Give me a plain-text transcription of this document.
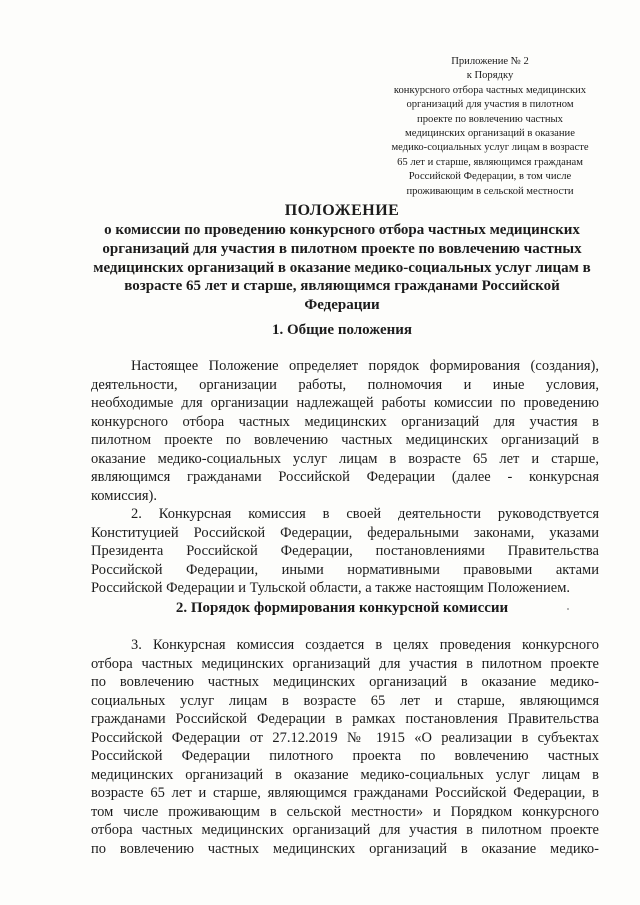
Приложение № 2
к Порядку
конкурсного отбора частных медицинских
организаций для участия в пилотном
проекте по вовлечению частных
медицинских организаций в оказание
медико-социальных услуг лицам в возрасте
65 лет и старше, являющимся гражданам
Российской Федерации, в том числе
проживающим в сельской местности
ПОЛОЖЕНИЕ
о комиссии по проведению конкурсного отбора частных медицинских
организаций для участия в пилотном проекте по вовлечению частных
медицинских организаций в оказание медико-социальных услуг лицам в
возрасте 65 лет и старше, являющимся гражданами Российской
Федерации
1. Общие положения
Настоящее Положение определяет порядок формирования (создания),
деятельности, организации работы, полномочия и иные условия,
необходимые для организации надлежащей работы комиссии по проведению
конкурсного отбора частных медицинских организаций для участия в
пилотном проекте по вовлечению частных медицинских организаций в
оказание медико-социальных услуг лицам в возрасте 65 лет и старше,
являющимся гражданами Российской Федерации (далее - конкурсная
комиссия).
2. Конкурсная комиссия в своей деятельности руководствуется
Конституцией Российской Федерации, федеральными законами, указами
Президента Российской Федерации, постановлениями Правительства
Российской Федерации, иными нормативными правовыми актами
Российской Федерации и Тульской области, а также настоящим Положением.
2. Порядок формирования конкурсной комиссии
3. Конкурсная комиссия создается в целях проведения конкурсного
отбора частных медицинских организаций для участия в пилотном проекте
по вовлечению частных медицинских организаций в оказание медико-
социальных услуг лицам в возрасте 65 лет и старше, являющимся
гражданами Российской Федерации в рамках постановления Правительства
Российской Федерации от 27.12.2019 № 1915 «О реализации в субъектах
Российской Федерации пилотного проекта по вовлечению частных
медицинских организаций в оказание медико-социальных услуг лицам в
возрасте 65 лет и старше, являющимся гражданами Российской Федерации, в
том числе проживающим в сельской местности» и Порядком конкурсного
отбора частных медицинских организаций для участия в пилотном проекте
по вовлечению частных медицинских организаций в оказание медико-
